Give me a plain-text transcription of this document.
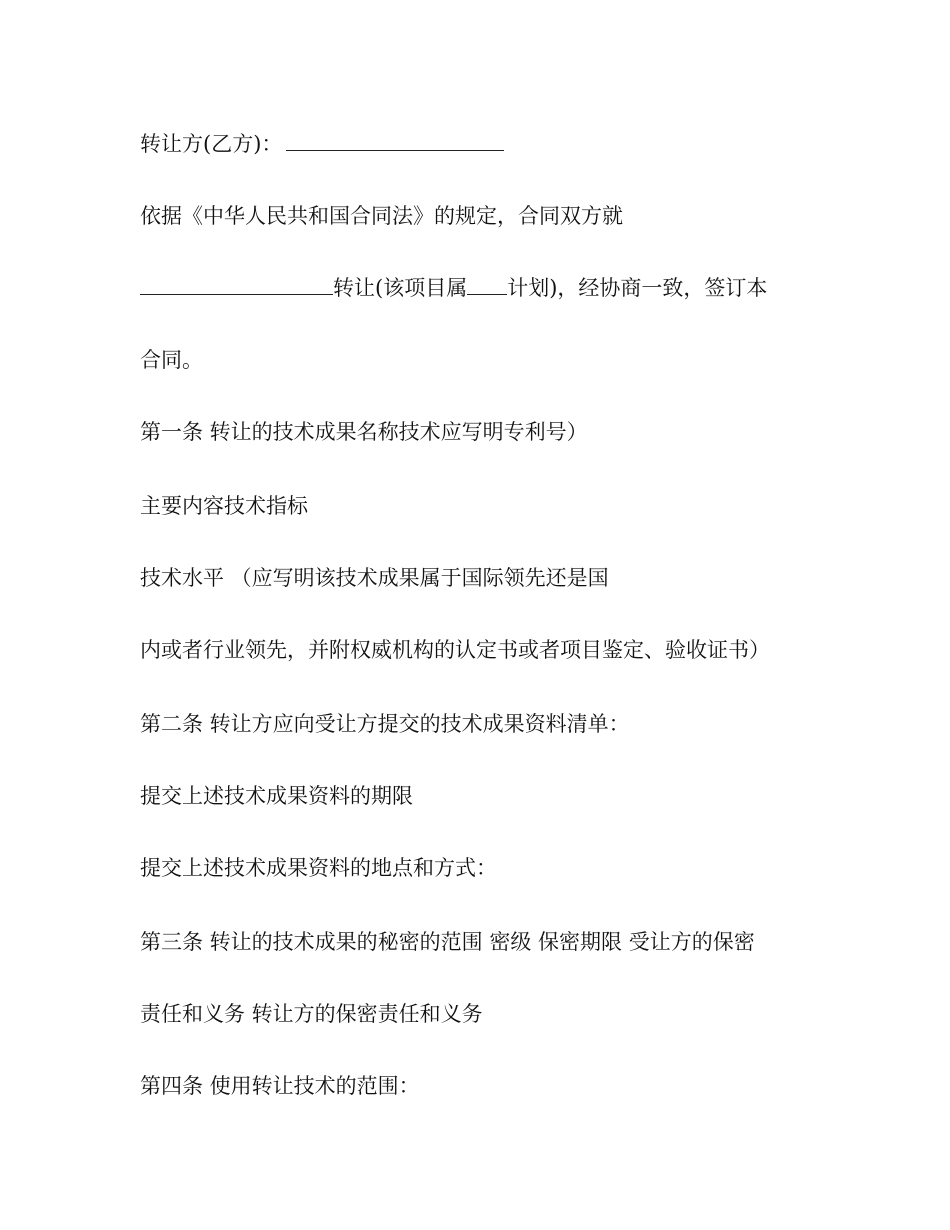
转让方(乙方)：
依据《中华人民共和国合同法》的规定，合同双方就
转让(该项目属 计划)，经协商一致，签订本
合同。
第一条 转让的技术成果名称技术应写明专利号）
主要内容技术指标
技术水平 （应写明该技术成果属于国际领先还是国
内或者行业领先，并附权威机构的认定书或者项目鉴定、验收证书）
第二条 转让方应向受让方提交的技术成果资料清单：
提交上述技术成果资料的期限
提交上述技术成果资料的地点和方式：
第三条 转让的技术成果的秘密的范围 密级 保密期限 受让方的保密
责任和义务 转让方的保密责任和义务
第四条 使用转让技术的范围：
